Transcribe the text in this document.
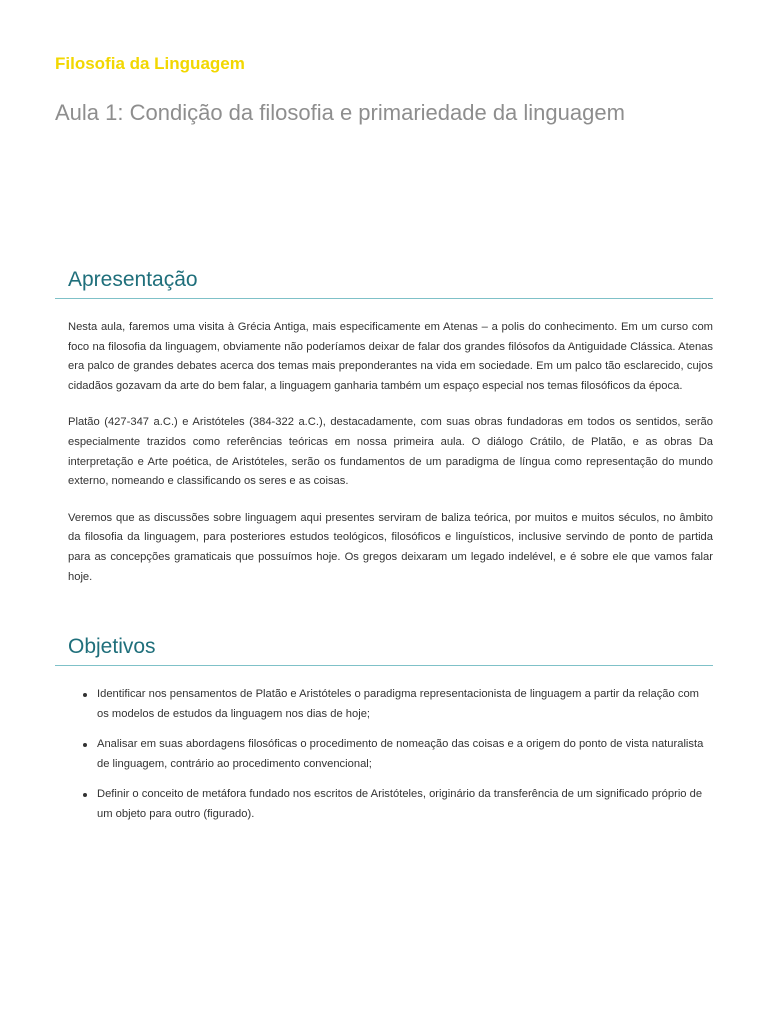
Filosofia da Linguagem
Aula 1: Condição da filosofia e primariedade da linguagem
Apresentação

Nesta aula, faremos uma visita à Grécia Antiga, mais especificamente em Atenas – a polis do conhecimento. Em um curso com foco na filosofia da linguagem, obviamente não poderíamos deixar de falar dos grandes filósofos da Antiguidade Clássica. Atenas era palco de grandes debates acerca dos temas mais preponderantes na vida em sociedade. Em um palco tão esclarecido, cujos cidadãos gozavam da arte do bem falar, a linguagem ganharia também um espaço especial nos temas filosóficos da época.

Platão (427-347 a.C.) e Aristóteles (384-322 a.C.), destacadamente, com suas obras fundadoras em todos os sentidos, serão especialmente trazidos como referências teóricas em nossa primeira aula. O diálogo Crátilo, de Platão, e as obras Da interpretação e Arte poética, de Aristóteles, serão os fundamentos de um paradigma de língua como representação do mundo externo, nomeando e classificando os seres e as coisas.

Veremos que as discussões sobre linguagem aqui presentes serviram de baliza teórica, por muitos e muitos séculos, no âmbito da filosofia da linguagem, para posteriores estudos teológicos, filosóficos e linguísticos, inclusive servindo de ponto de partida para as concepções gramaticais que possuímos hoje. Os gregos deixaram um legado indelével, e é sobre ele que vamos falar hoje.

Objetivos
Identificar nos pensamentos de Platão e Aristóteles o paradigma representacionista de linguagem a partir da relação com os modelos de estudos da linguagem nos dias de hoje;
Analisar em suas abordagens filosóficas o procedimento de nomeação das coisas e a origem do ponto de vista naturalista de linguagem, contrário ao procedimento convencional;
Definir o conceito de metáfora fundado nos escritos de Aristóteles, originário da transferência de um significado próprio de um objeto para outro (figurado).
